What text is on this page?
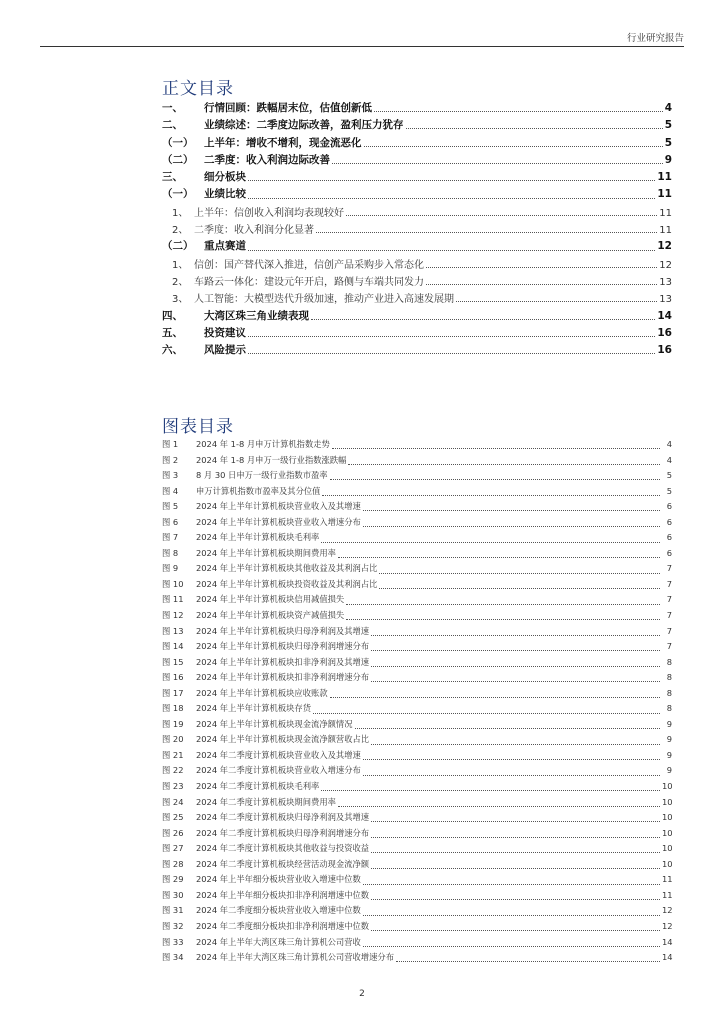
行业研究报告
正文目录
一、	行情回顾：跌幅居末位，估值创新低	4
二、	业绩综述：二季度边际改善，盈利压力犹存	5
（一）	上半年：增收不增利，现金流恶化	5
（二）	二季度：收入利润边际改善	9
三、	细分板块	11
（一）	业绩比较	11
1、 上半年：信创收入利润均表现较好	11
2、 二季度：收入利润分化显著	11
（二）	重点赛道	12
1、 信创：国产替代深入推进，信创产品采购步入常态化	12
2、 车路云一体化：建设元年开启，路侧与车端共同发力	13
3、 人工智能：大模型迭代升级加速，推动产业进入高速发展期	13
四、	大湾区珠三角业绩表现	14
五、	投资建议	16
六、	风险提示	16
图表目录
图 1	2024 年 1-8 月申万计算机指数走势	4
图 2	2024 年 1-8 月申万一级行业指数涨跌幅	4
图 3	8 月 30 日申万一级行业指数市盈率	5
图 4	申万计算机指数市盈率及其分位值	5
图 5	2024 年上半年计算机板块营业收入及其增速	6
图 6	2024 年上半年计算机板块营业收入增速分布	6
图 7	2024 年上半年计算机板块毛利率	6
图 8	2024 年上半年计算机板块期间费用率	6
图 9	2024 年上半年计算机板块其他收益及其利润占比	7
图 10	2024 年上半年计算机板块投资收益及其利润占比	7
图 11	2024 年上半年计算机板块信用减值损失	7
图 12	2024 年上半年计算机板块资产减值损失	7
图 13	2024 年上半年计算机板块归母净利润及其增速	7
图 14	2024 年上半年计算机板块归母净利润增速分布	7
图 15	2024 年上半年计算机板块扣非净利润及其增速	8
图 16	2024 年上半年计算机板块扣非净利润增速分布	8
图 17	2024 年上半年计算机板块应收账款	8
图 18	2024 年上半年计算机板块存货	8
图 19	2024 年上半年计算机板块现金流净额情况	9
图 20	2024 年上半年计算机板块现金流净额营收占比	9
图 21	2024 年二季度计算机板块营业收入及其增速	9
图 22	2024 年二季度计算机板块营业收入增速分布	9
图 23	2024 年二季度计算机板块毛利率	10
图 24	2024 年二季度计算机板块期间费用率	10
图 25	2024 年二季度计算机板块归母净利润及其增速	10
图 26	2024 年二季度计算机板块归母净利润增速分布	10
图 27	2024 年二季度计算机板块其他收益与投资收益	10
图 28	2024 年二季度计算机板块经营活动现金流净额	10
图 29	2024 年上半年细分板块营业收入增速中位数	11
图 30	2024 年上半年细分板块扣非净利润增速中位数	11
图 31	2024 年二季度细分板块营业收入增速中位数	12
图 32	2024 年二季度细分板块扣非净利润增速中位数	12
图 33	2024 年上半年大湾区珠三角计算机公司营收	14
图 34	2024 年上半年大湾区珠三角计算机公司营收增速分布	14
2
